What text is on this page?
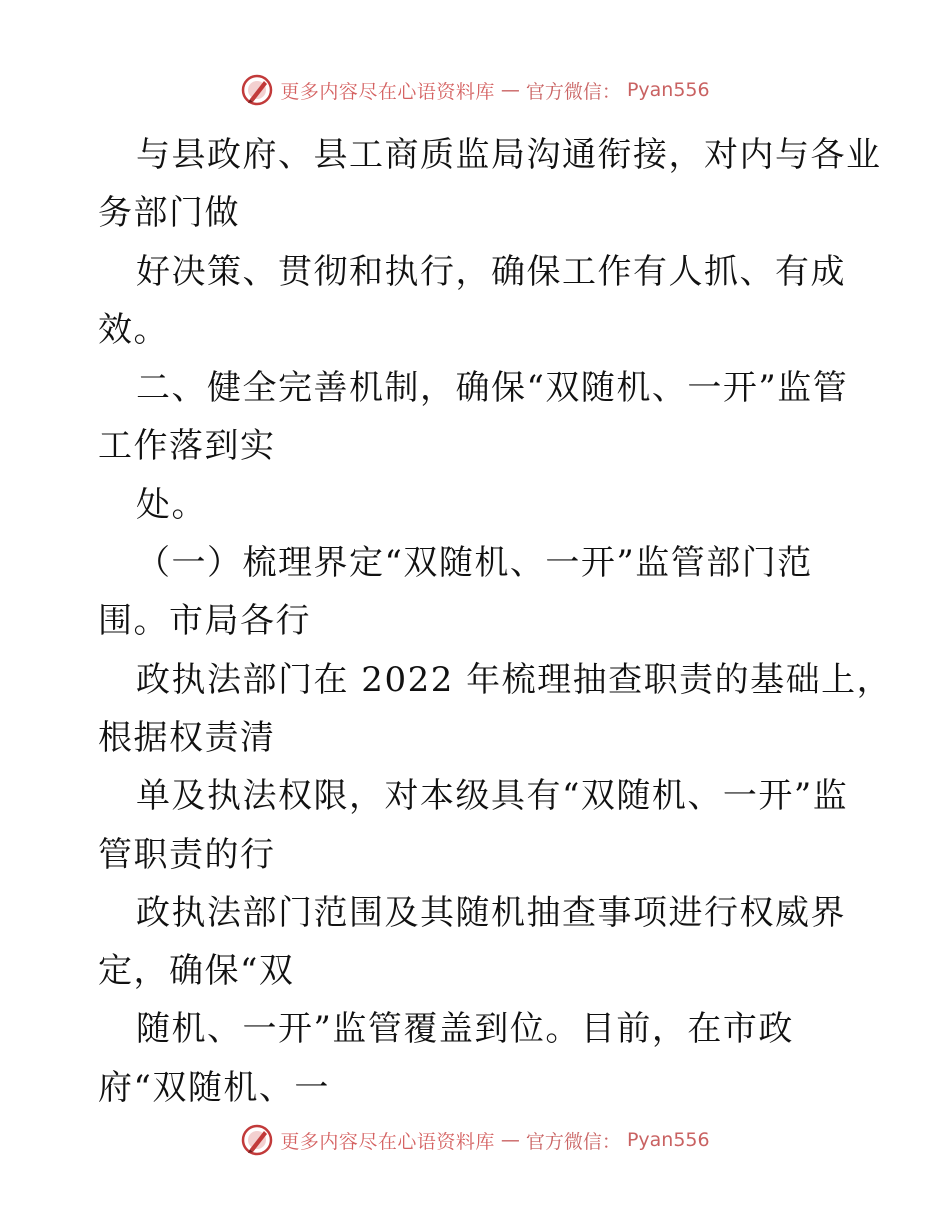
更多内容尽在心语资料库 — 官方微信： Pyan556
与县政府、县工商质监局沟通衔接，对内与各业
务部门做
好决策、贯彻和执行，确保工作有人抓、有成
效。
二、健全完善机制，确保“双随机、一开”监管
工作落到实
处。
（一）梳理界定“双随机、一开”监管部门范
围。市局各行
政执法部门在 2022 年梳理抽查职责的基础上，
根据权责清
单及执法权限，对本级具有“双随机、一开”监
管职责的行
政执法部门范围及其随机抽查事项进行权威界
定，确保“双
随机、一开”监管覆盖到位。目前，在市政
府“双随机、一
更多内容尽在心语资料库 — 官方微信： Pyan556
